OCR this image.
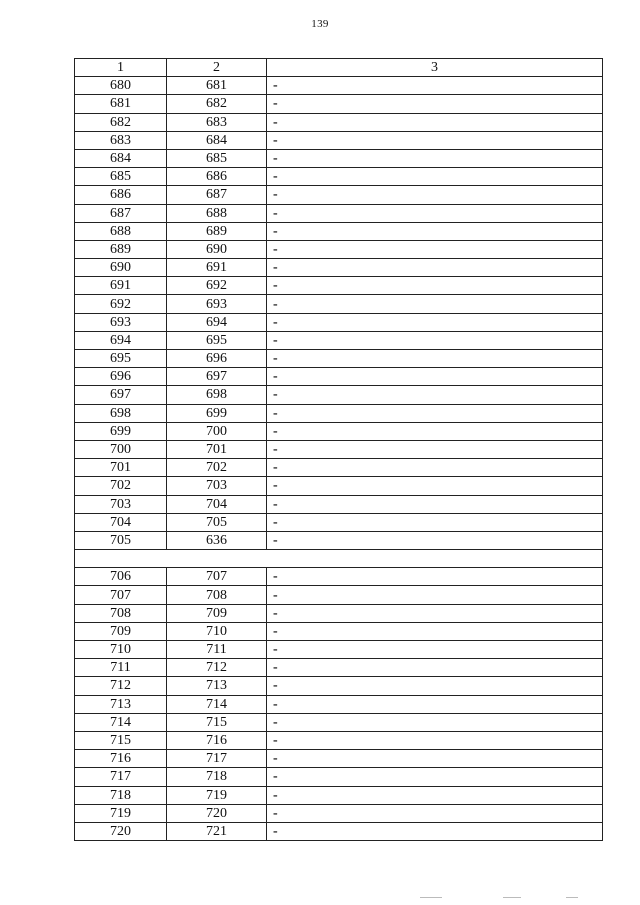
139
1	2	3
680	681	-
681	682	-
682	683	-
683	684	-
684	685	-
685	686	-
686	687	-
687	688	-
688	689	-
689	690	-
690	691	-
691	692	-
692	693	-
693	694	-
694	695	-
695	696	-
696	697	-
697	698	-
698	699	-
699	700	-
700	701	-
701	702	-
702	703	-
703	704	-
704	705	-
705	636	-

706	707	-
707	708	-
708	709	-
709	710	-
710	711	-
711	712	-
712	713	-
713	714	-
714	715	-
715	716	-
716	717	-
717	718	-
718	719	-
719	720	-
720	721	-
